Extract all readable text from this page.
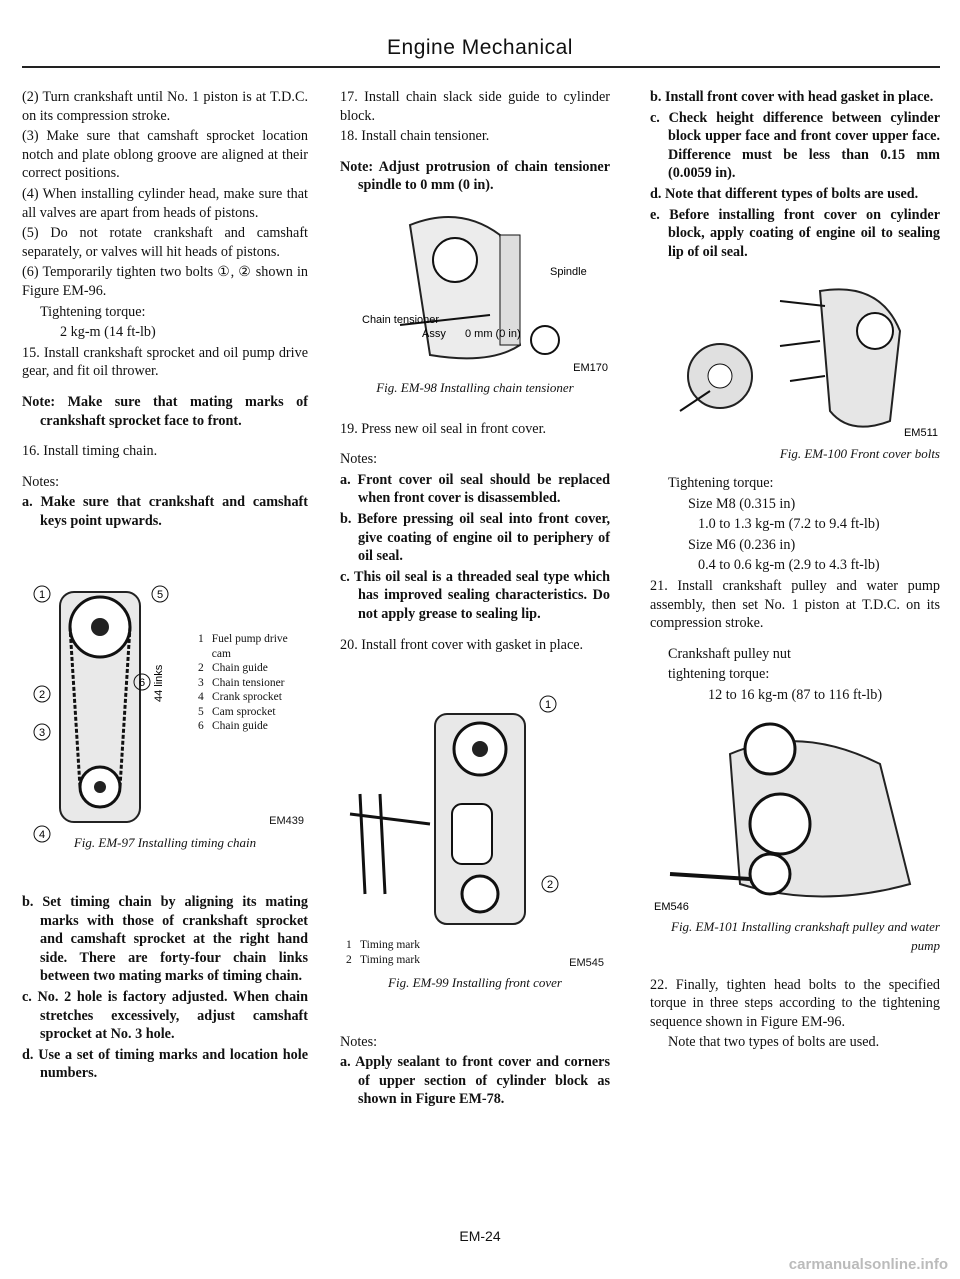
Engine Mechanical

(2) Turn crankshaft until No. 1 piston is at T.D.C. on its compression stroke.

(3) Make sure that camshaft sprocket location notch and plate oblong groove are aligned at their correct positions.

(4) When installing cylinder head, make sure that all valves are apart from heads of pistons.

(5) Do not rotate crankshaft and camshaft separately, or valves will hit heads of pistons.

(6) Temporarily tighten two bolts ①, ② shown in Figure EM-96.

Tightening torque:

2 kg-m (14 ft-lb)

15. Install crankshaft sprocket and oil pump drive gear, and fit oil thrower.

Note: Make sure that mating marks of crankshaft sprocket face to front.

16. Install timing chain.

Notes:

a. Make sure that crankshaft and camshaft keys point upwards.

1
2
3
4
5
6 44 links
1 Fuel pump drive cam
2 Chain guide
3 Chain tensioner
4 Crank sprocket
5 Cam sprocket
6 Chain guide
EM439
Fig. EM-97 Installing timing chain

b. Set timing chain by aligning its mating marks with those of crankshaft sprocket and camshaft sprocket at the right hand side. There are forty-four chain links between two mating marks of timing chain.

c. No. 2 hole is factory adjusted. When chain stretches excessively, adjust camshaft sprocket at No. 3 hole.

d. Use a set of timing marks and location hole numbers.

17. Install chain slack side guide to cylinder block.

18. Install chain tensioner.

Note: Adjust protrusion of chain tensioner spindle to 0 mm (0 in).

Spindle
Chain tensioner
Assy 0 mm (0 in)
EM170
Fig. EM-98 Installing chain tensioner

19. Press new oil seal in front cover.

Notes:

a. Front cover oil seal should be replaced when front cover is disassembled.

b. Before pressing oil seal into front cover, give coating of engine oil to periphery of oil seal.

c. This oil seal is a threaded seal type which has improved sealing characteristics. Do not apply grease to sealing lip.

20. Install front cover with gasket in place.

1
2
1 Timing mark
2 Timing mark	EM545
Fig. EM-99 Installing front cover

Notes:

a. Apply sealant to front cover and corners of upper section of cylinder block as shown in Figure EM-78.

b. Install front cover with head gasket in place.

c. Check height difference between cylinder block upper face and front cover upper face. Difference must be less than 0.15 mm (0.0059 in).

d. Note that different types of bolts are used.

e. Before installing front cover on cylinder block, apply coating of engine oil to sealing lip of oil seal.

EM511
Fig. EM-100 Front cover bolts

Tightening torque:

Size M8 (0.315 in)

1.0 to 1.3 kg-m (7.2 to 9.4 ft-lb)

Size M6 (0.236 in)

0.4 to 0.6 kg-m (2.9 to 4.3 ft-lb)

21. Install crankshaft pulley and water pump assembly, then set No. 1 piston at T.D.C. on its compression stroke.

Crankshaft pulley nut

tightening torque:

12 to 16 kg-m (87 to 116 ft-lb)

EM546
Fig. EM-101 Installing crankshaft pulley and water pump

22. Finally, tighten head bolts to the specified torque in three steps according to the tightening sequence shown in Figure EM-96.

Note that two types of bolts are used.

EM-24
carmanualsonline.info
